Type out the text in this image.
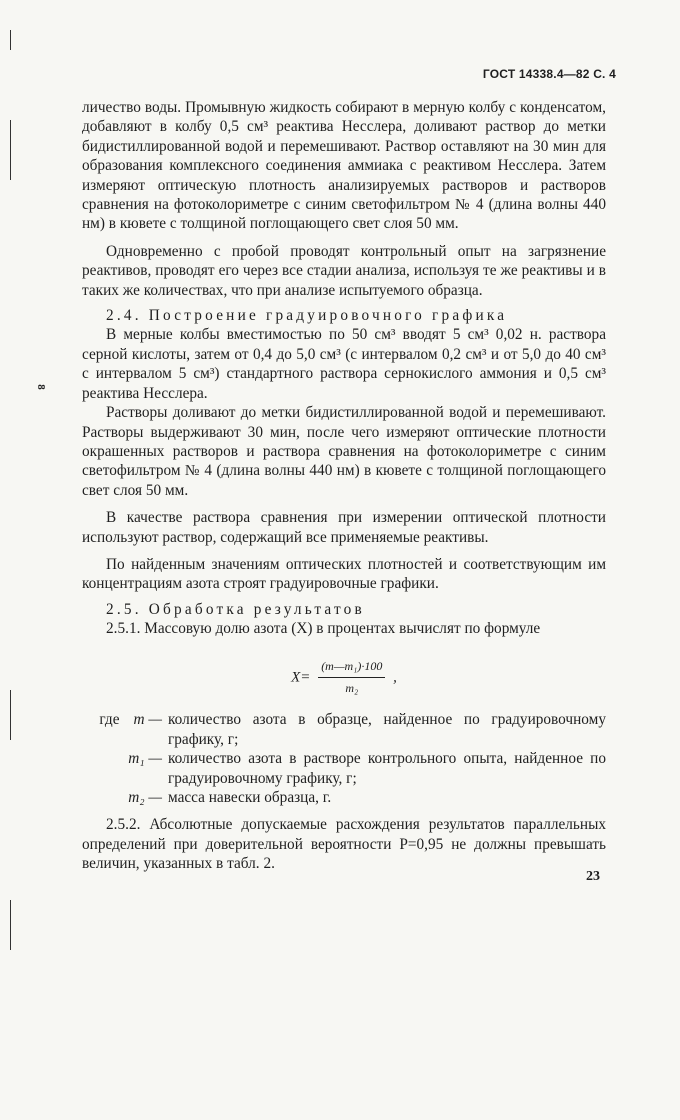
8
ГОСТ 14338.4—82 С. 4

личество воды. Промывную жидкость собирают в мерную колбу с конденсатом, добавляют в колбу 0,5 см³ реактива Несслера, доливают раствор до метки бидистиллированной водой и перемешивают. Раствор оставляют на 30 мин для образования комплексного соединения аммиака с реактивом Несслера. Затем измеряют оптическую плотность анализируемых растворов и растворов сравнения на фотоколориметре с синим светофильтром № 4 (длина волны 440 нм) в кювете с толщиной поглощающего свет слоя 50 мм.

Одновременно с пробой проводят контрольный опыт на загрязнение реактивов, проводят его через все стадии анализа, используя те же реактивы и в таких же количествах, что при анализе испытуемого образца.

2.4. Построение градуировочного графика

В мерные колбы вместимостью по 50 см³ вводят 5 см³ 0,02 н. раствора серной кислоты, затем от 0,4 до 5,0 см³ (с интервалом 0,2 см³ и от 5,0 до 40 см³ с интервалом 5 см³) стандартного раствора сернокислого аммония и 0,5 см³ реактива Несслера.

Растворы доливают до метки бидистиллированной водой и перемешивают. Растворы выдерживают 30 мин, после чего измеряют оптические плотности окрашенных растворов и раствора сравнения на фотоколориметре с синим светофильтром № 4 (длина волны 440 нм) в кювете с толщиной поглощающего свет слоя 50 мм.

В качестве раствора сравнения при измерении оптической плотности используют раствор, содержащий все применяемые реактивы.

По найденным значениям оптических плотностей и соответствующим им концентрациям азота строят градуировочные графики.

2.5. Обработка результатов

2.5.1. Массовую долю азота (X) в процентах вычислят по формуле

$X= \frac{\text{(m—m₁)·100}}{\text{m₂}}$ ,
где m — количество азота в образце, найденное по градуировочному графику, г;
m₁ — количество азота в растворе контрольного опыта, найденное по градуировочному графику, г;
m₂ — масса навески образца, г.

2.5.2. Абсолютные допускаемые расхождения результатов параллельных определений при доверительной вероятности P=0,95 не должны превышать величин, указанных в табл. 2.

23
